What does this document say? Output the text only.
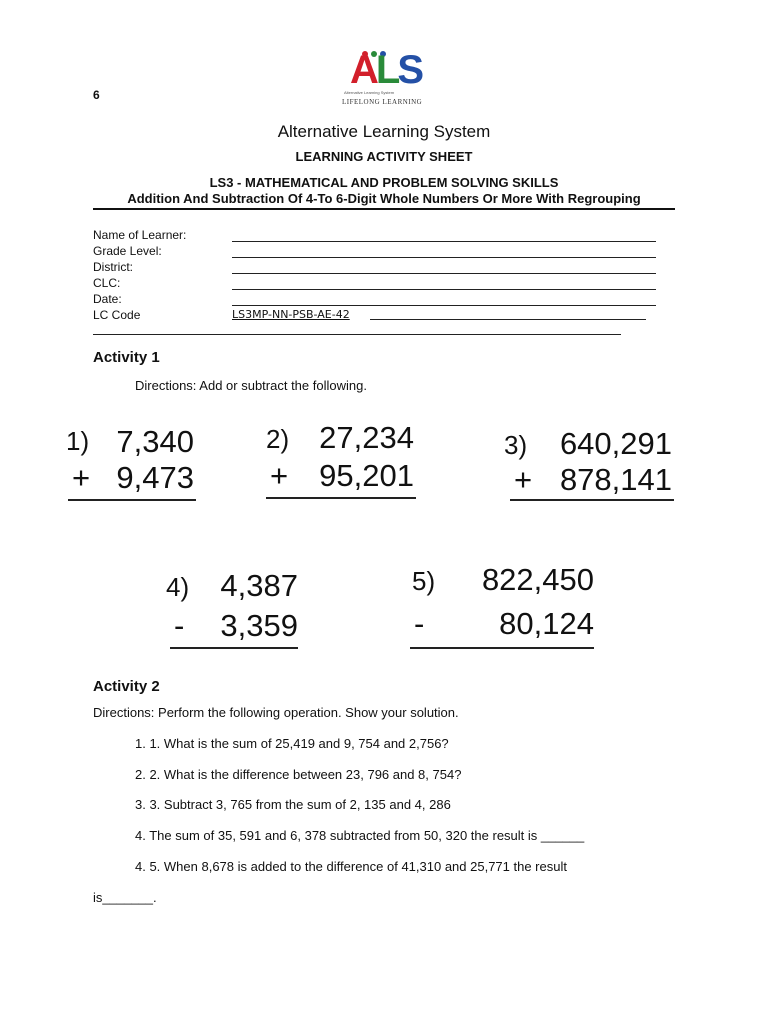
6
ALS
Alternative Learning System
LIFELONG LEARNING
Alternative Learning System
LEARNING ACTIVITY SHEET
LS3 - MATHEMATICAL AND PROBLEM SOLVING SKILLS
Addition And Subtraction Of 4-To 6-Digit Whole Numbers Or More With Regrouping
Name of Learner:
Grade Level:
District:
CLC:
Date:
LC Code	LS3MP-NN-PSB-AE-42
Activity 1
Directions: Add or subtract the following.
1) 7,340
+ 9,473
2) 27,234
+ 95,201
3) 640,291
+ 878,141
4) 4,387
- 3,359
5) 822,450
- 80,124
Activity 2
Directions: Perform the following operation. Show your solution.
1. 1. What is the sum of 25,419 and 9, 754 and 2,756?
2. 2. What is the difference between 23, 796 and 8, 754?
3. 3. Subtract 3, 765 from the sum of 2, 135 and 4, 286
4. The sum of 35, 591 and 6, 378 subtracted from 50, 320 the result is ______
4. 5. When 8,678 is added to the difference of 41,310 and 25,771 the result
is_______.
